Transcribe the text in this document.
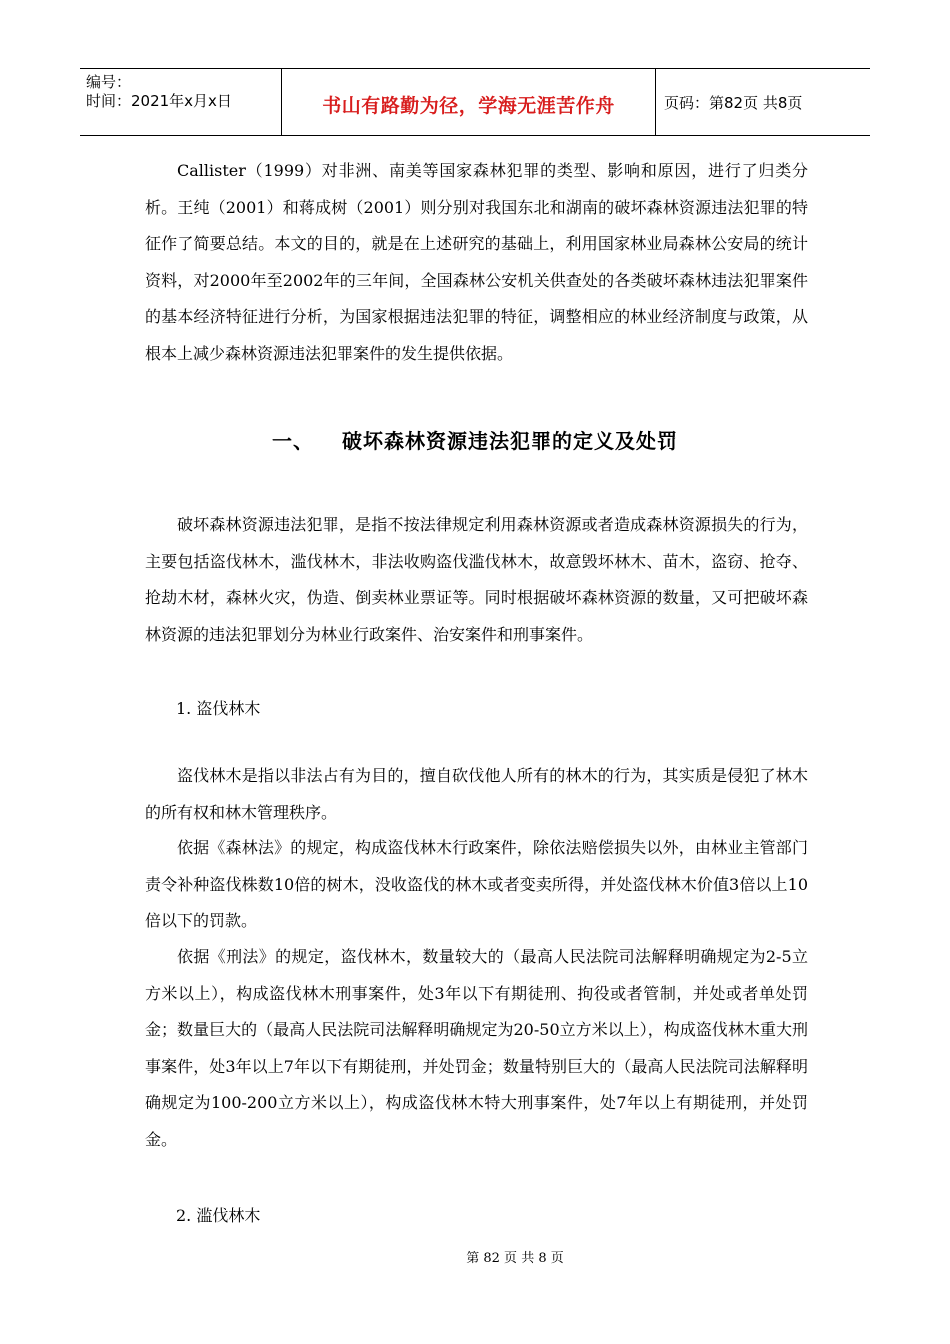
编号：
时间：2021年x月x日	书山有路勤为径，学海无涯苦作舟	页码：第82页 共8页

Callister（1999）对非洲、南美等国家森林犯罪的类型、影响和原因，进行了归类分析。王纯（2001）和蒋成树（2001）则分别对我国东北和湖南的破坏森林资源违法犯罪的特征作了简要总结。本文的目的，就是在上述研究的基础上，利用国家林业局森林公安局的统计资料，对2000年至2002年的三年间，全国森林公安机关供查处的各类破坏森林违法犯罪案件的基本经济特征进行分析，为国家根据违法犯罪的特征，调整相应的林业经济制度与政策，从根本上减少森林资源违法犯罪案件的发生提供依据。

一、 破坏森林资源违法犯罪的定义及处罚

破坏森林资源违法犯罪，是指不按法律规定利用森林资源或者造成森林资源损失的行为，主要包括盗伐林木，滥伐林木，非法收购盗伐滥伐林木，故意毁坏林木、苗木，盗窃、抢夺、抢劫木材，森林火灾，伪造、倒卖林业票证等。同时根据破坏森林资源的数量，又可把破坏森林资源的违法犯罪划分为林业行政案件、治安案件和刑事案件。

1. 盗伐林木

盗伐林木是指以非法占有为目的，擅自砍伐他人所有的林木的行为，其实质是侵犯了林木的所有权和林木管理秩序。

依据《森林法》的规定，构成盗伐林木行政案件，除依法赔偿损失以外，由林业主管部门责令补种盗伐株数10倍的树木，没收盗伐的林木或者变卖所得，并处盗伐林木价值3倍以上10倍以下的罚款。

依据《刑法》的规定，盗伐林木，数量较大的（最高人民法院司法解释明确规定为2-5立方米以上），构成盗伐林木刑事案件，处3年以下有期徒刑、拘役或者管制，并处或者单处罚金；数量巨大的（最高人民法院司法解释明确规定为20-50立方米以上），构成盗伐林木重大刑事案件，处3年以上7年以下有期徒刑，并处罚金；数量特别巨大的（最高人民法院司法解释明确规定为100-200立方米以上），构成盗伐林木特大刑事案件，处7年以上有期徒刑，并处罚金。

2. 滥伐林木
第 82 页 共 8 页
